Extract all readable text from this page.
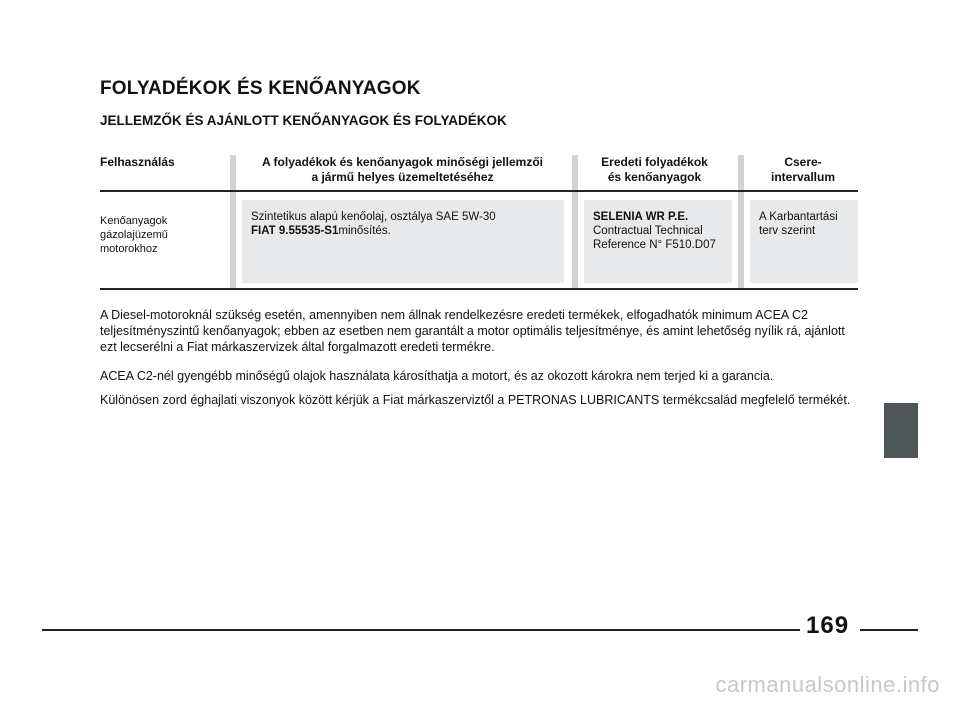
FOLYADÉKOK ÉS KENŐANYAGOK
JELLEMZŐK ÉS AJÁNLOTT KENŐANYAGOK ÉS FOLYADÉKOK
Felhasználás	A folyadékok és kenőanyagok minőségi jellemzői
a jármű helyes üzemeltetéséhez
Eredeti folyadékok
és kenőanyagok
Csere-
intervallum
Kenőanyagok
gázolajüzemű
motorokhoz
Szintetikus alapú kenőolaj, osztálya SAE 5W-30
FIAT 9.55535-S1minősítés.
SELENIA WR P.E.
Contractual Technical
Reference N° F510.D07
A Karbantartási
terv szerint

A Diesel-motoroknál szükség esetén, amennyiben nem állnak rendelkezésre eredeti termékek, elfogadhatók minimum ACEA C2 teljesítményszintű kenőanyagok; ebben az esetben nem garantált a motor optimális teljesítménye, és amint lehetőség nyílik rá, ajánlott ezt lecserélni a Fiat márkaszervizek által forgalmazott eredeti termékre.

ACEA C2-nél gyengébb minőségű olajok használata károsíthatja a motort, és az okozott károkra nem terjed ki a garancia.

Különösen zord éghajlati viszonyok között kérjük a Fiat márkaszerviztől a PETRONAS LUBRICANTS termékcsalád megfelelő termékét.

169
carmanualsonline.info
